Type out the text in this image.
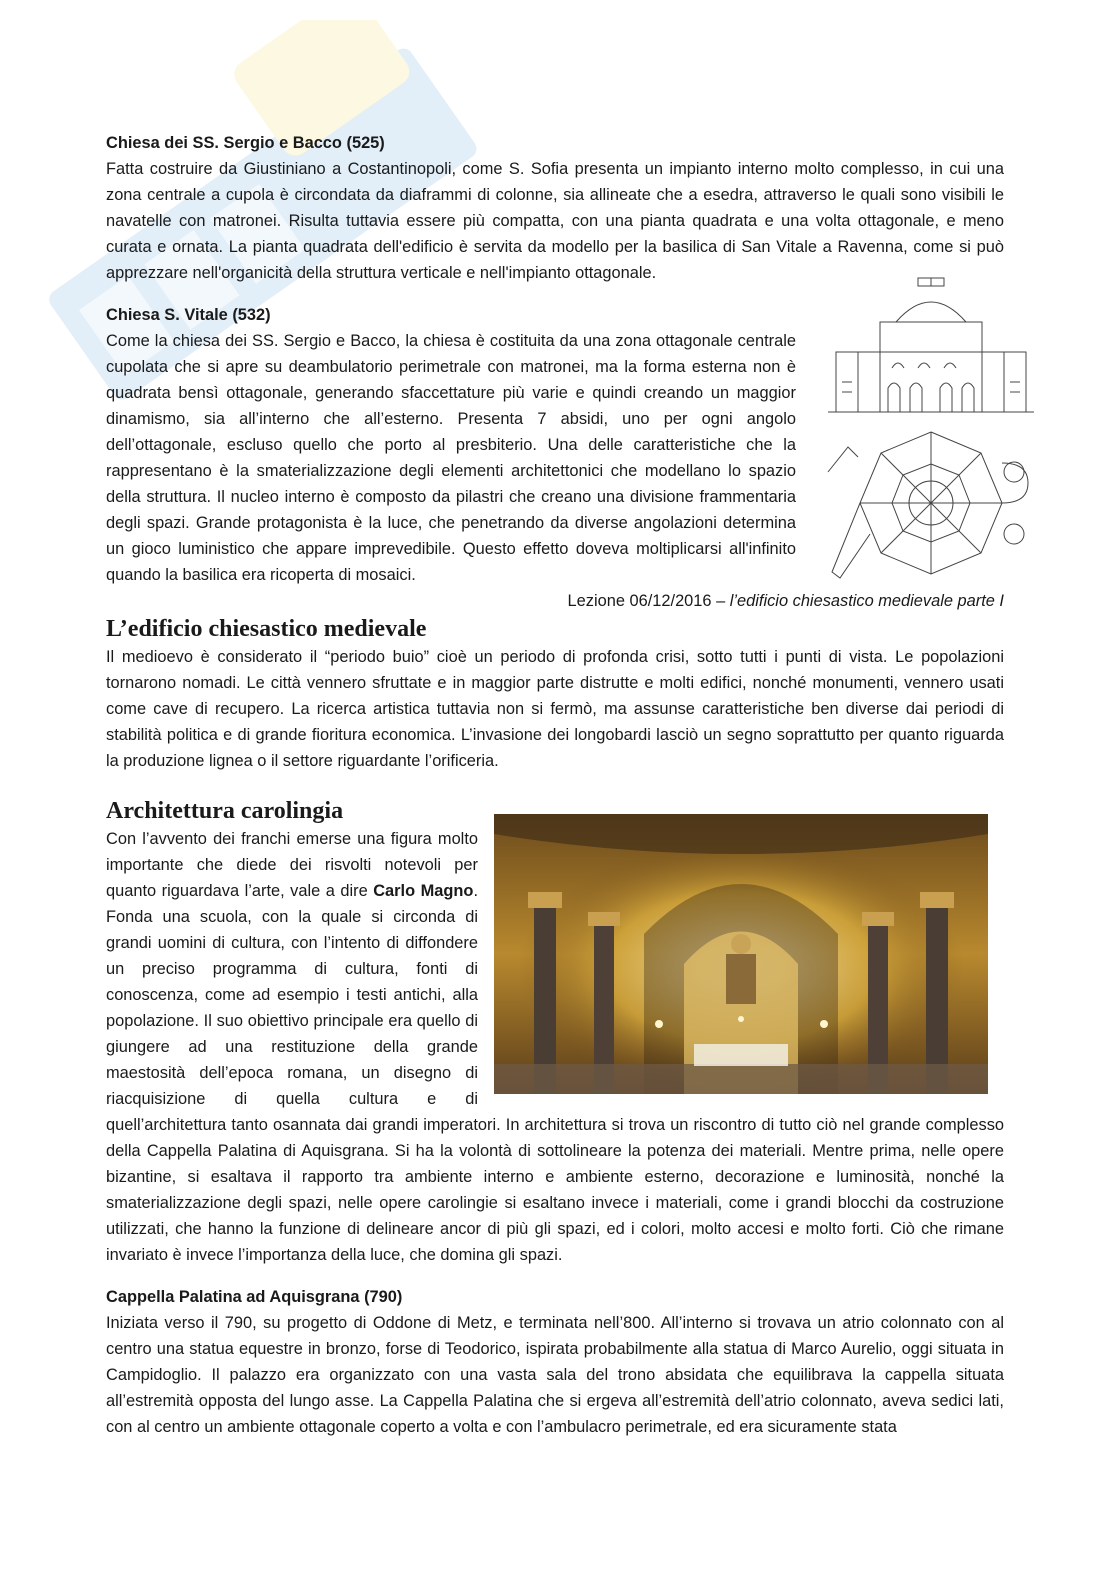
Chiesa dei SS. Sergio e Bacco (525)

Fatta costruire da Giustiniano a Costantinopoli, come S. Sofia presenta un impianto interno molto complesso, in cui una zona centrale a cupola è circondata da diaframmi di colonne, sia allineate che a esedra, attraverso le quali sono visibili le navatelle con matronei. Risulta tuttavia essere più compatta, con una pianta quadrata e una volta ottagonale, e meno curata e ornata. La pianta quadrata dell'edificio è servita da modello per la basilica di San Vitale a Ravenna, come si può apprezzare nell'organicità della struttura verticale e nell'impianto ottagonale.

Chiesa S. Vitale (532)

Come la chiesa dei SS. Sergio e Bacco, la chiesa è costituita da una zona ottagonale centrale cupolata che si apre su deambulatorio perimetrale con matronei, ma la forma esterna non è quadrata bensì ottagonale, generando sfaccettature più varie e quindi creando un maggior dinamismo, sia all’interno che all’esterno. Presenta 7 absidi, uno per ogni angolo dell’ottagonale, escluso quello che porto al presbiterio. Una delle caratteristiche che la rappresentano è la smaterializzazione degli elementi architettonici che modellano lo spazio della struttura. Il nucleo interno è composto da pilastri che creano una divisione frammentaria degli spazi. Grande protagonista è la luce, che penetrando da diverse angolazioni determina un gioco luministico che appare imprevedibile. Questo effetto doveva moltiplicarsi all'infinito quando la basilica era ricoperta di mosaici.

Lezione 06/12/2016 – l’edificio chiesastico medievale parte I
L’edificio chiesastico medievale

Il medioevo è considerato il “periodo buio” cioè un periodo di profonda crisi, sotto tutti i punti di vista. Le popolazioni tornarono nomadi. Le città vennero sfruttate e in maggior parte distrutte e molti edifici, nonché monumenti, vennero usati come cave di recupero. La ricerca artistica tuttavia non si fermò, ma assunse caratteristiche ben diverse dai periodi di stabilità politica e di grande fioritura economica. L’invasione dei longobardi lasciò un segno soprattutto per quanto riguarda la produzione lignea o il settore riguardante l’orificeria.

Architettura carolingia

Con l’avvento dei franchi emerse una figura molto importante che diede dei risvolti notevoli per quanto riguardava l’arte, vale a dire Carlo Magno. Fonda una scuola, con la quale si circonda di grandi uomini di cultura, con l’intento di diffondere un preciso programma di cultura, fonti di conoscenza, come ad esempio i testi antichi, alla popolazione. Il suo obiettivo principale era quello di giungere ad una restituzione della grande maestosità dell’epoca romana, un disegno di riacquisizione di quella cultura e di quell’architettura tanto osannata dai grandi imperatori. In architettura si trova un riscontro di tutto ciò nel grande complesso della Cappella Palatina di Aquisgrana. Si ha la volontà di sottolineare la potenza dei materiali. Mentre prima, nelle opere bizantine, si esaltava il rapporto tra ambiente interno e ambiente esterno, decorazione e luminosità, nonché la smaterializzazione degli spazi, nelle opere carolingie si esaltano invece i materiali, come i grandi blocchi da costruzione utilizzati, che hanno la funzione di delineare ancor di più gli spazi, ed i colori, molto accesi e molto forti. Ciò che rimane invariato è invece l’importanza della luce, che domina gli spazi.

Cappella Palatina ad Aquisgrana (790)

Iniziata verso il 790, su progetto di Oddone di Metz, e terminata nell’800. All’interno si trovava un atrio colonnato con al centro una statua equestre in bronzo, forse di Teodorico, ispirata probabilmente alla statua di Marco Aurelio, oggi situata in Campidoglio. Il palazzo era organizzato con una vasta sala del trono absidata che equilibrava la cappella situata all’estremità opposta del lungo asse. La Cappella Palatina che si ergeva all’estremità dell’atrio colonnato, aveva sedici lati, con al centro un ambiente ottagonale coperto a volta e con l’ambulacro perimetrale, ed era sicuramente stata
